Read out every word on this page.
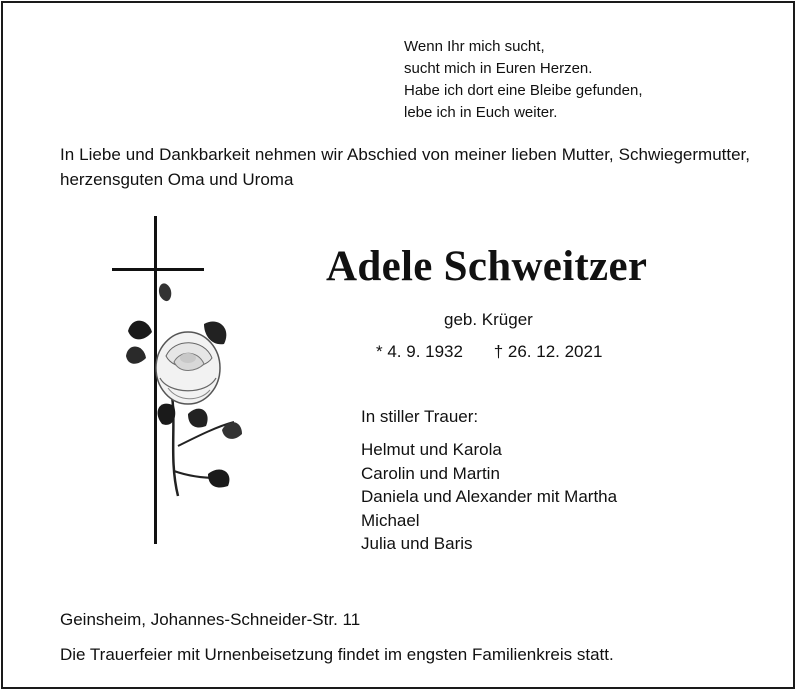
Wenn Ihr mich sucht,
sucht mich in Euren Herzen.
Habe ich dort eine Bleibe gefunden,
lebe ich in Euch weiter.
In Liebe und Dankbarkeit nehmen wir Abschied von meiner lieben Mutter, Schwiegermutter, herzensguten Oma und Uroma
Adele Schweitzer
geb. Krüger
* 4. 9. 1932 † 26. 12. 2021
In stiller Trauer:
Helmut und Karola
Carolin und Martin
Daniela und Alexander mit Martha
Michael
Julia und Baris
Geinsheim, Johannes-Schneider-Str. 11
Die Trauerfeier mit Urnenbeisetzung findet im engsten Familienkreis statt.
